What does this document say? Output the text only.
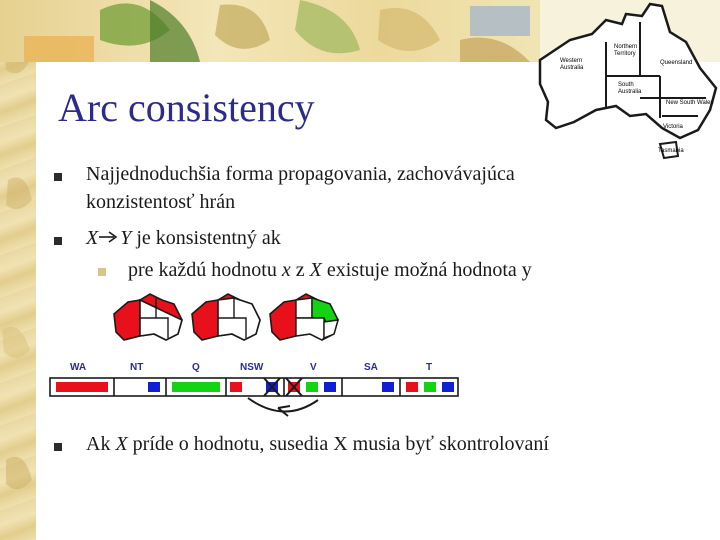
Arc consistency
Northern
Territory
Queensland
Western
Australia
South
Australia
New South Wales
Victoria
Tasmania
Najjednoduchšia forma propagovania, zachovávajúca
konzistentosť hrán
X Y je konsistentný ak
pre každú hodnotu x z X existuje možná hodnota y
WA	NT	Q	NSW	V	SA	T
Ak X príde o hodnotu, susedia X musia byť skontrolovaní
